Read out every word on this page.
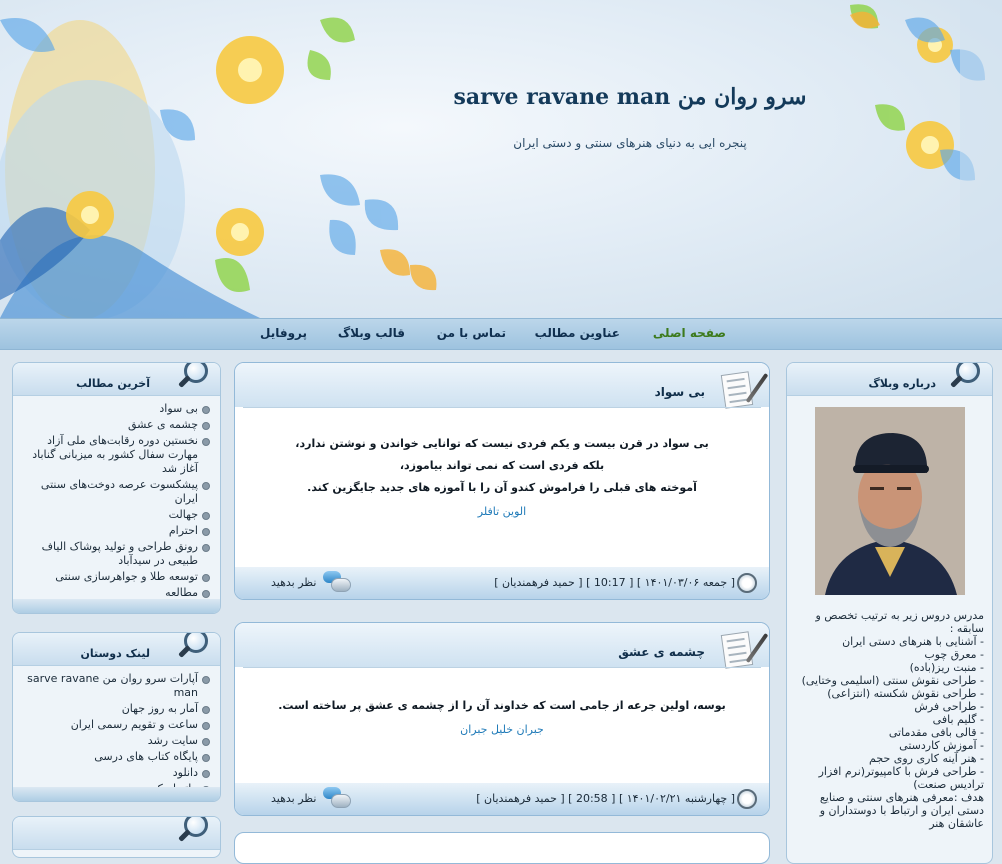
سرو روان من sarve ravane man
پنجره ایی به دنیای هنرهای سنتی و دستی ایران
صفحه اصلی
عناوین مطالب
تماس با من
قالب وبلاگ
پروفایل
آخرین مطالب
بی سواد
چشمه ی عشق
نخستین دوره رقابت‌های ملی آزاد مهارت سفال کشور به میزبانی گناباد آغاز شد
پیشکسوت عرصه دوخت‌های سنتی ایران
جهالت
احترام
رونق طراحی و تولید پوشاک الیاف طبیعی در سیدآباد
توسعه طلا و جواهرسازی سنتی
مطالعه
لینک دوستان
آپارات سرو روان من sarve ravane man
آمار به روز جهان
ساعت و تقویم رسمی ایران
سایت رشد
پایگاه کتاب های درسی
دانلود
بی سواد
بی سواد در قرن بیست و یکم فردی نیست که توانایی خواندن و نوشتن ندارد،
بلکه فردی است که نمی تواند بیاموزد،
آموخته های قبلی را فراموش کندو آن را با آموزه های جدید جایگزین کند.
الوین تافلر
[ جمعه ۱۴۰۱/۰۳/۰۶ ] [ 10:17 ] [ حمید فرهمندیان ]
نظر بدهید
چشمه ی عشق
بوسه، اولین جرعه از جامی است که خداوند آن را از چشمه ی عشق پر ساخته است.
جبران خلیل جبران
[ چهارشنبه ۱۴۰۱/۰۲/۲۱ ] [ 20:58 ] [ حمید فرهمندیان ]
نظر بدهید
درباره وبلاگ
مدرس دروس زیر به ترتیب تخصص و سابقه :
- آشنایی با هنرهای دستی ایران
- معرق چوب
- منبت ریز(باده)
- طراحی نقوش سنتی (اسلیمی وختایی)
- طراحی نقوش شکسته (انتزاعی)
- طراحی فرش
- گلیم بافی
- قالی بافی مقدماتی
- آموزش کاردستی
- هنر آینه کاری روی حجم
- طراحی فرش با کامپیوتر(نرم افزار ترادیس صنعت)
هدف :معرفی هنرهای سنتی و صنایع دستی ایران و ارتباط با دوستداران و عاشقان هنر
